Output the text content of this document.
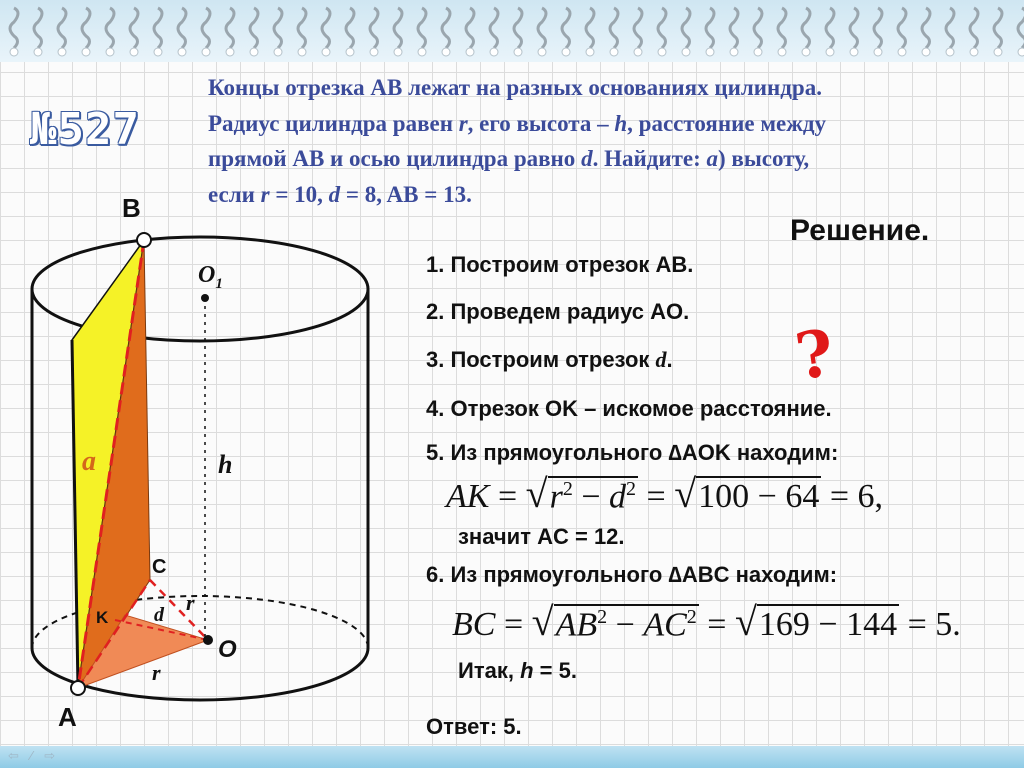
№527
Концы отрезка AB лежат на разных основаниях цилиндра.
Радиус цилиндра равен r, его высота – h, расстояние между
прямой AB и осью цилиндра равно d. Найдите: а) высоту,
если r = 10, d = 8, AB = 13.
B
A
C
K
O
$O_1$
a	h
d r
r
?
Решение.
1. Построим отрезок AB.
2. Проведем радиус AO.
3. Построим отрезок d.
4. Отрезок OK – искомое расстояние.
5. Из прямоугольного ∆AOK находим:
AK = $√r^2 - d^2 = √100 - 64 = 6$,
значит AC = 12.
6. Из прямоугольного ∆ABC находим:
BC = $√AB^2 - AC^2 = √169 - 144 = 5$.
Итак, h = 5.
Ответ: 5.
⇦ ⁄ ⇨
